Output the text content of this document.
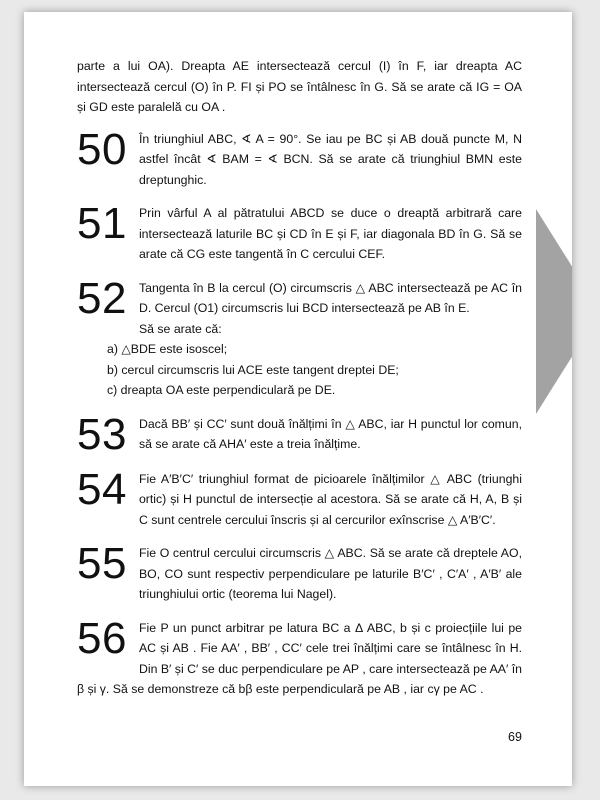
parte a lui OA). Dreapta AE intersectează cercul (I) în F, iar dreapta AC intersectează cercul (O) în P. FI și PO se întâlnesc în G. Să se arate că IG = OA și GD este paralelă cu OA .

50 În triunghiul ABC, ∢ A = 90°. Se iau pe BC și AB două puncte M, N astfel încât ∢ BAM = ∢ BCN. Să se arate că triunghiul BMN este dreptunghic.

51 Prin vârful A al pătratului ABCD se duce o dreaptă arbitrară care intersectează laturile BC și CD în E și F, iar diagonala BD în G. Să se arate că CG este tangentă în C cercului CEF.

52 Tangenta în B la cercul (O) circumscris △ ABC intersectează pe AC în D. Cercul (O1) circumscris lui BCD intersectează pe AB în E.

Să se arate că:
a) △BDE este isoscel;
b) cercul circumscris lui ACE este tangent dreptei DE;
c) dreapta OA este perpendiculară pe DE.
53 Dacă BB′ și CC′ sunt două înălțimi în △ ABC, iar H punctul lor comun, să se arate că AHA′ este a treia înălțime.

54 Fie A′B′C′ triunghiul format de picioarele înălțimilor △ ABC (triunghi ortic) și H punctul de intersecție al acestora. Să se arate că H, A, B și C sunt centrele cercului înscris și al cercurilor exînscrise △ A′B′C′.

55 Fie O centrul cercului circumscris △ ABC. Să se arate că dreptele AO, BO, CO sunt respectiv perpendiculare pe laturile B′C′ , C′A′ , A′B′ ale triunghiului ortic (teorema lui Nagel).

56 Fie P un punct arbitrar pe latura BC a Δ ABC, b și c proiecțiile lui pe AC și AB . Fie AA′ , BB′ , CC′ cele trei înălțimi care se întâlnesc în H. Din B′ și C′ se duc perpendiculare pe AP , care intersectează pe AA′ în β și γ. Să se demonstreze că bβ este perpendiculară pe AB , iar cγ pe AC .

69
